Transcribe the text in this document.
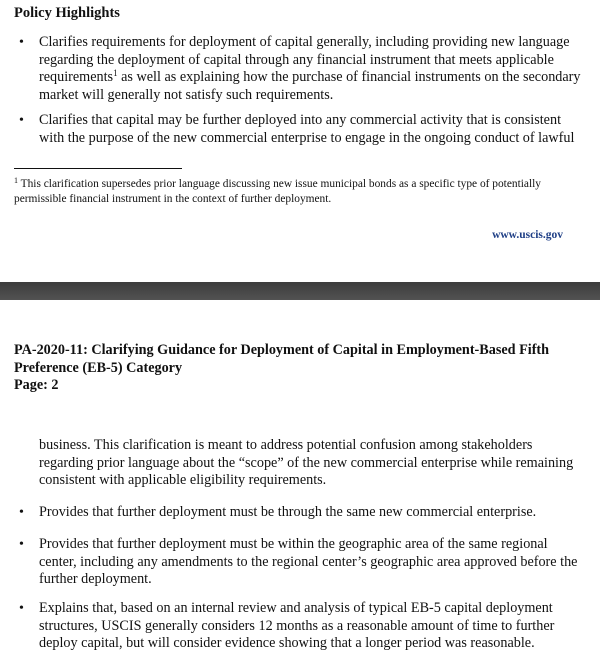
Policy Highlights
• Clarifies requirements for deployment of capital generally, including providing new language
regarding the deployment of capital through any financial instrument that meets applicable
requirements$^1$ as well as explaining how the purchase of financial instruments on the secondary
market will generally not satisfy such requirements.
• Clarifies that capital may be further deployed into any commercial activity that is consistent
with the purpose of the new commercial enterprise to engage in the ongoing conduct of lawful
$^1$ This clarification supersedes prior language discussing new issue municipal bonds as a specific type of potentially
permissible financial instrument in the context of further deployment.
www.uscis.gov
PA-2020-11: Clarifying Guidance for Deployment of Capital in Employment-Based Fifth
Preference (EB-5) Category
Page: 2
business. This clarification is meant to address potential confusion among stakeholders
regarding prior language about the “scope” of the new commercial enterprise while remaining
consistent with applicable eligibility requirements.
• Provides that further deployment must be through the same new commercial enterprise.
• Provides that further deployment must be within the geographic area of the same regional
center, including any amendments to the regional center’s geographic area approved before the
further deployment.
• Explains that, based on an internal review and analysis of typical EB-5 capital deployment
structures, USCIS generally considers 12 months as a reasonable amount of time to further
deploy capital, but will consider evidence showing that a longer period was reasonable.
